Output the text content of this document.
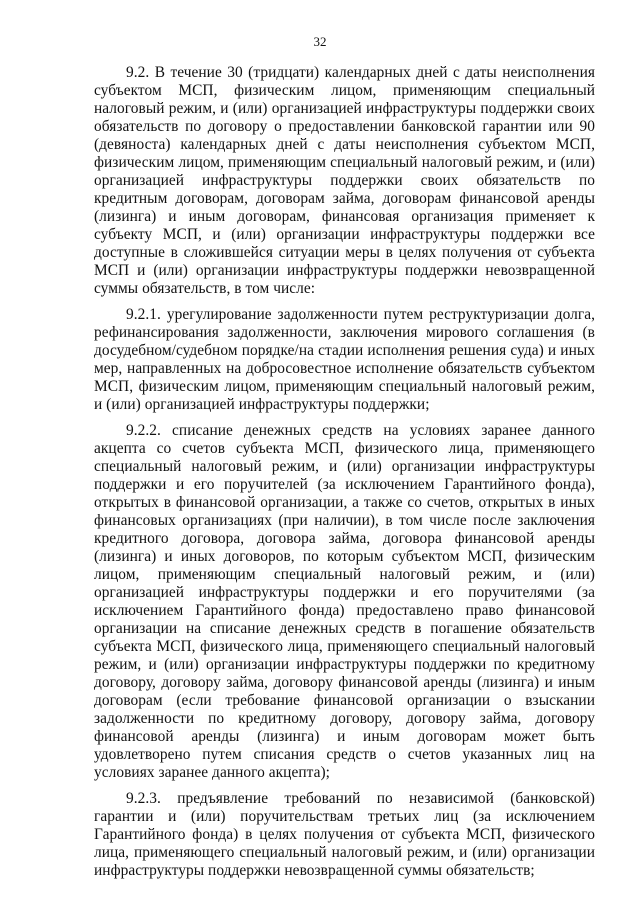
32

9.2. В течение 30 (тридцати) календарных дней с даты неисполнения субъектом МСП, физическим лицом, применяющим специальный налоговый режим, и (или) организацией инфраструктуры поддержки своих обязательств по договору о предоставлении банковской гарантии или 90 (девяноста) календарных дней с даты неисполнения субъектом МСП, физическим лицом, применяющим специальный налоговый режим, и (или) организацией инфраструктуры поддержки своих обязательств по кредитным договорам, договорам займа, договорам финансовой аренды (лизинга) и иным договорам, финансовая организация применяет к субъекту МСП, и (или) организации инфраструктуры поддержки все доступные в сложившейся ситуации меры в целях получения от субъекта МСП и (или) организации инфраструктуры поддержки невозвращенной суммы обязательств, в том числе:

9.2.1. урегулирование задолженности путем реструктуризации долга, рефинансирования задолженности, заключения мирового соглашения (в досудебном/судебном порядке/на стадии исполнения решения суда) и иных мер, направленных на добросовестное исполнение обязательств субъектом МСП, физическим лицом, применяющим специальный налоговый режим, и (или) организацией инфраструктуры поддержки;

9.2.2. списание денежных средств на условиях заранее данного акцепта со счетов субъекта МСП, физического лица, применяющего специальный налоговый режим, и (или) организации инфраструктуры поддержки и его поручителей (за исключением Гарантийного фонда), открытых в финансовой организации, а также со счетов, открытых в иных финансовых организациях (при наличии), в том числе после заключения кредитного договора, договора займа, договора финансовой аренды (лизинга) и иных договоров, по которым субъектом МСП, физическим лицом, применяющим специальный налоговый режим, и (или) организацией инфраструктуры поддержки и его поручителями (за исключением Гарантийного фонда) предоставлено право финансовой организации на списание денежных средств в погашение обязательств субъекта МСП, физического лица, применяющего специальный налоговый режим, и (или) организации инфраструктуры поддержки по кредитному договору, договору займа, договору финансовой аренды (лизинга) и иным договорам (если требование финансовой организации о взыскании задолженности по кредитному договору, договору займа, договору финансовой аренды (лизинга) и иным договорам может быть удовлетворено путем списания средств о счетов указанных лиц на условиях заранее данного акцепта);

9.2.3. предъявление требований по независимой (банковской) гарантии и (или) поручительствам третьих лиц (за исключением Гарантийного фонда) в целях получения от субъекта МСП, физического лица, применяющего специальный налоговый режим, и (или) организации инфраструктуры поддержки невозвращенной суммы обязательств;
